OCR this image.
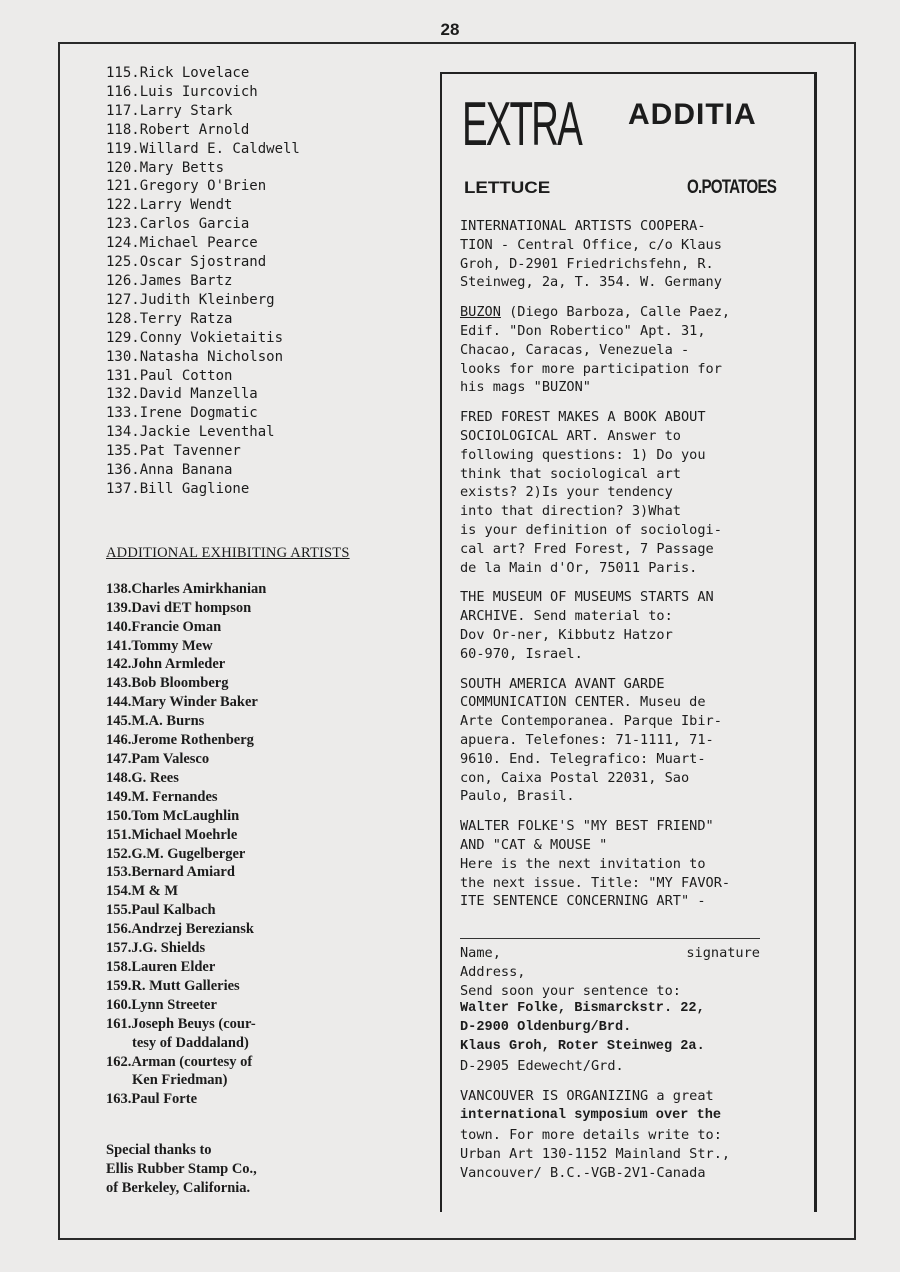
28
115.Rick Lovelace
116.Luis Iurcovich
117.Larry Stark
118.Robert Arnold
119.Willard E. Caldwell
120.Mary Betts
121.Gregory O'Brien
122.Larry Wendt
123.Carlos Garcia
124.Michael Pearce
125.Oscar Sjostrand
126.James Bartz
127.Judith Kleinberg
128.Terry Ratza
129.Conny Vokietaitis
130.Natasha Nicholson
131.Paul Cotton
132.David Manzella
133.Irene Dogmatic
134.Jackie Leventhal
135.Pat Tavenner
136.Anna Banana
137.Bill Gaglione
ADDITIONAL EXHIBITING ARTISTS
138.Charles Amirkhanian
139.Davi dET hompson
140.Francie Oman
141.Tommy Mew
142.John Armleder
143.Bob Bloomberg
144.Mary Winder Baker
145.M.A. Burns
146.Jerome Rothenberg
147.Pam Valesco
148.G. Rees
149.M. Fernandes
150.Tom McLaughlin
151.Michael Moehrle
152.G.M. Gugelberger
153.Bernard Amiard
154.M & M
155.Paul Kalbach
156.Andrzej Bereziansk
157.J.G. Shields
158.Lauren Elder
159.R. Mutt Galleries
160.Lynn Streeter
161.Joseph Beuys (cour-
tesy of Daddaland)
162.Arman (courtesy of
Ken Friedman)
163.Paul Forte
Special thanks to
Ellis Rubber Stamp Co.,
of Berkeley, California.
EXTRA ADDITIA
LETTUCE	O.POTATOES

INTERNATIONAL ARTISTS COOPERA-
TION - Central Office, c/o Klaus
Groh, D-2901 Friedrichsfehn, R.
Steinweg, 2a, T. 354. W. Germany

BUZON (Diego Barboza, Calle Paez,
Edif. "Don Robertico" Apt. 31,
Chacao, Caracas, Venezuela -
looks for more participation for
his mags "BUZON"

FRED FOREST MAKES A BOOK ABOUT
SOCIOLOGICAL ART. Answer to
following questions: 1) Do you
think that sociological art
exists? 2)Is your tendency
into that direction? 3)What
is your definition of sociologi-
cal art? Fred Forest, 7 Passage
de la Main d'Or, 75011 Paris.

THE MUSEUM OF MUSEUMS STARTS AN
ARCHIVE. Send material to:
Dov Or-ner, Kibbutz Hatzor
60-970, Israel.

SOUTH AMERICA AVANT GARDE
COMMUNICATION CENTER. Museu de
Arte Contemporanea. Parque Ibir-
apuera. Telefones: 71-1111, 71-
9610. End. Telegrafico: Muart-
con, Caixa Postal 22031, Sao
Paulo, Brasil.

WALTER FOLKE'S "MY BEST FRIEND"
AND "CAT & MOUSE "
Here is the next invitation to
the next issue. Title: "MY FAVOR-
ITE SENTENCE CONCERNING ART" -

Name,	signature
Address,
Send soon your sentence to:
Walter Folke, Bismarckstr. 22,
D-2900 Oldenburg/Brd.
Klaus Groh, Roter Steinweg 2a.
D-2905 Edewecht/Grd.

VANCOUVER IS ORGANIZING a great
international symposium over the
town. For more details write to:
Urban Art 130-1152 Mainland Str.,
Vancouver/ B.C.-VGB-2V1-Canada
